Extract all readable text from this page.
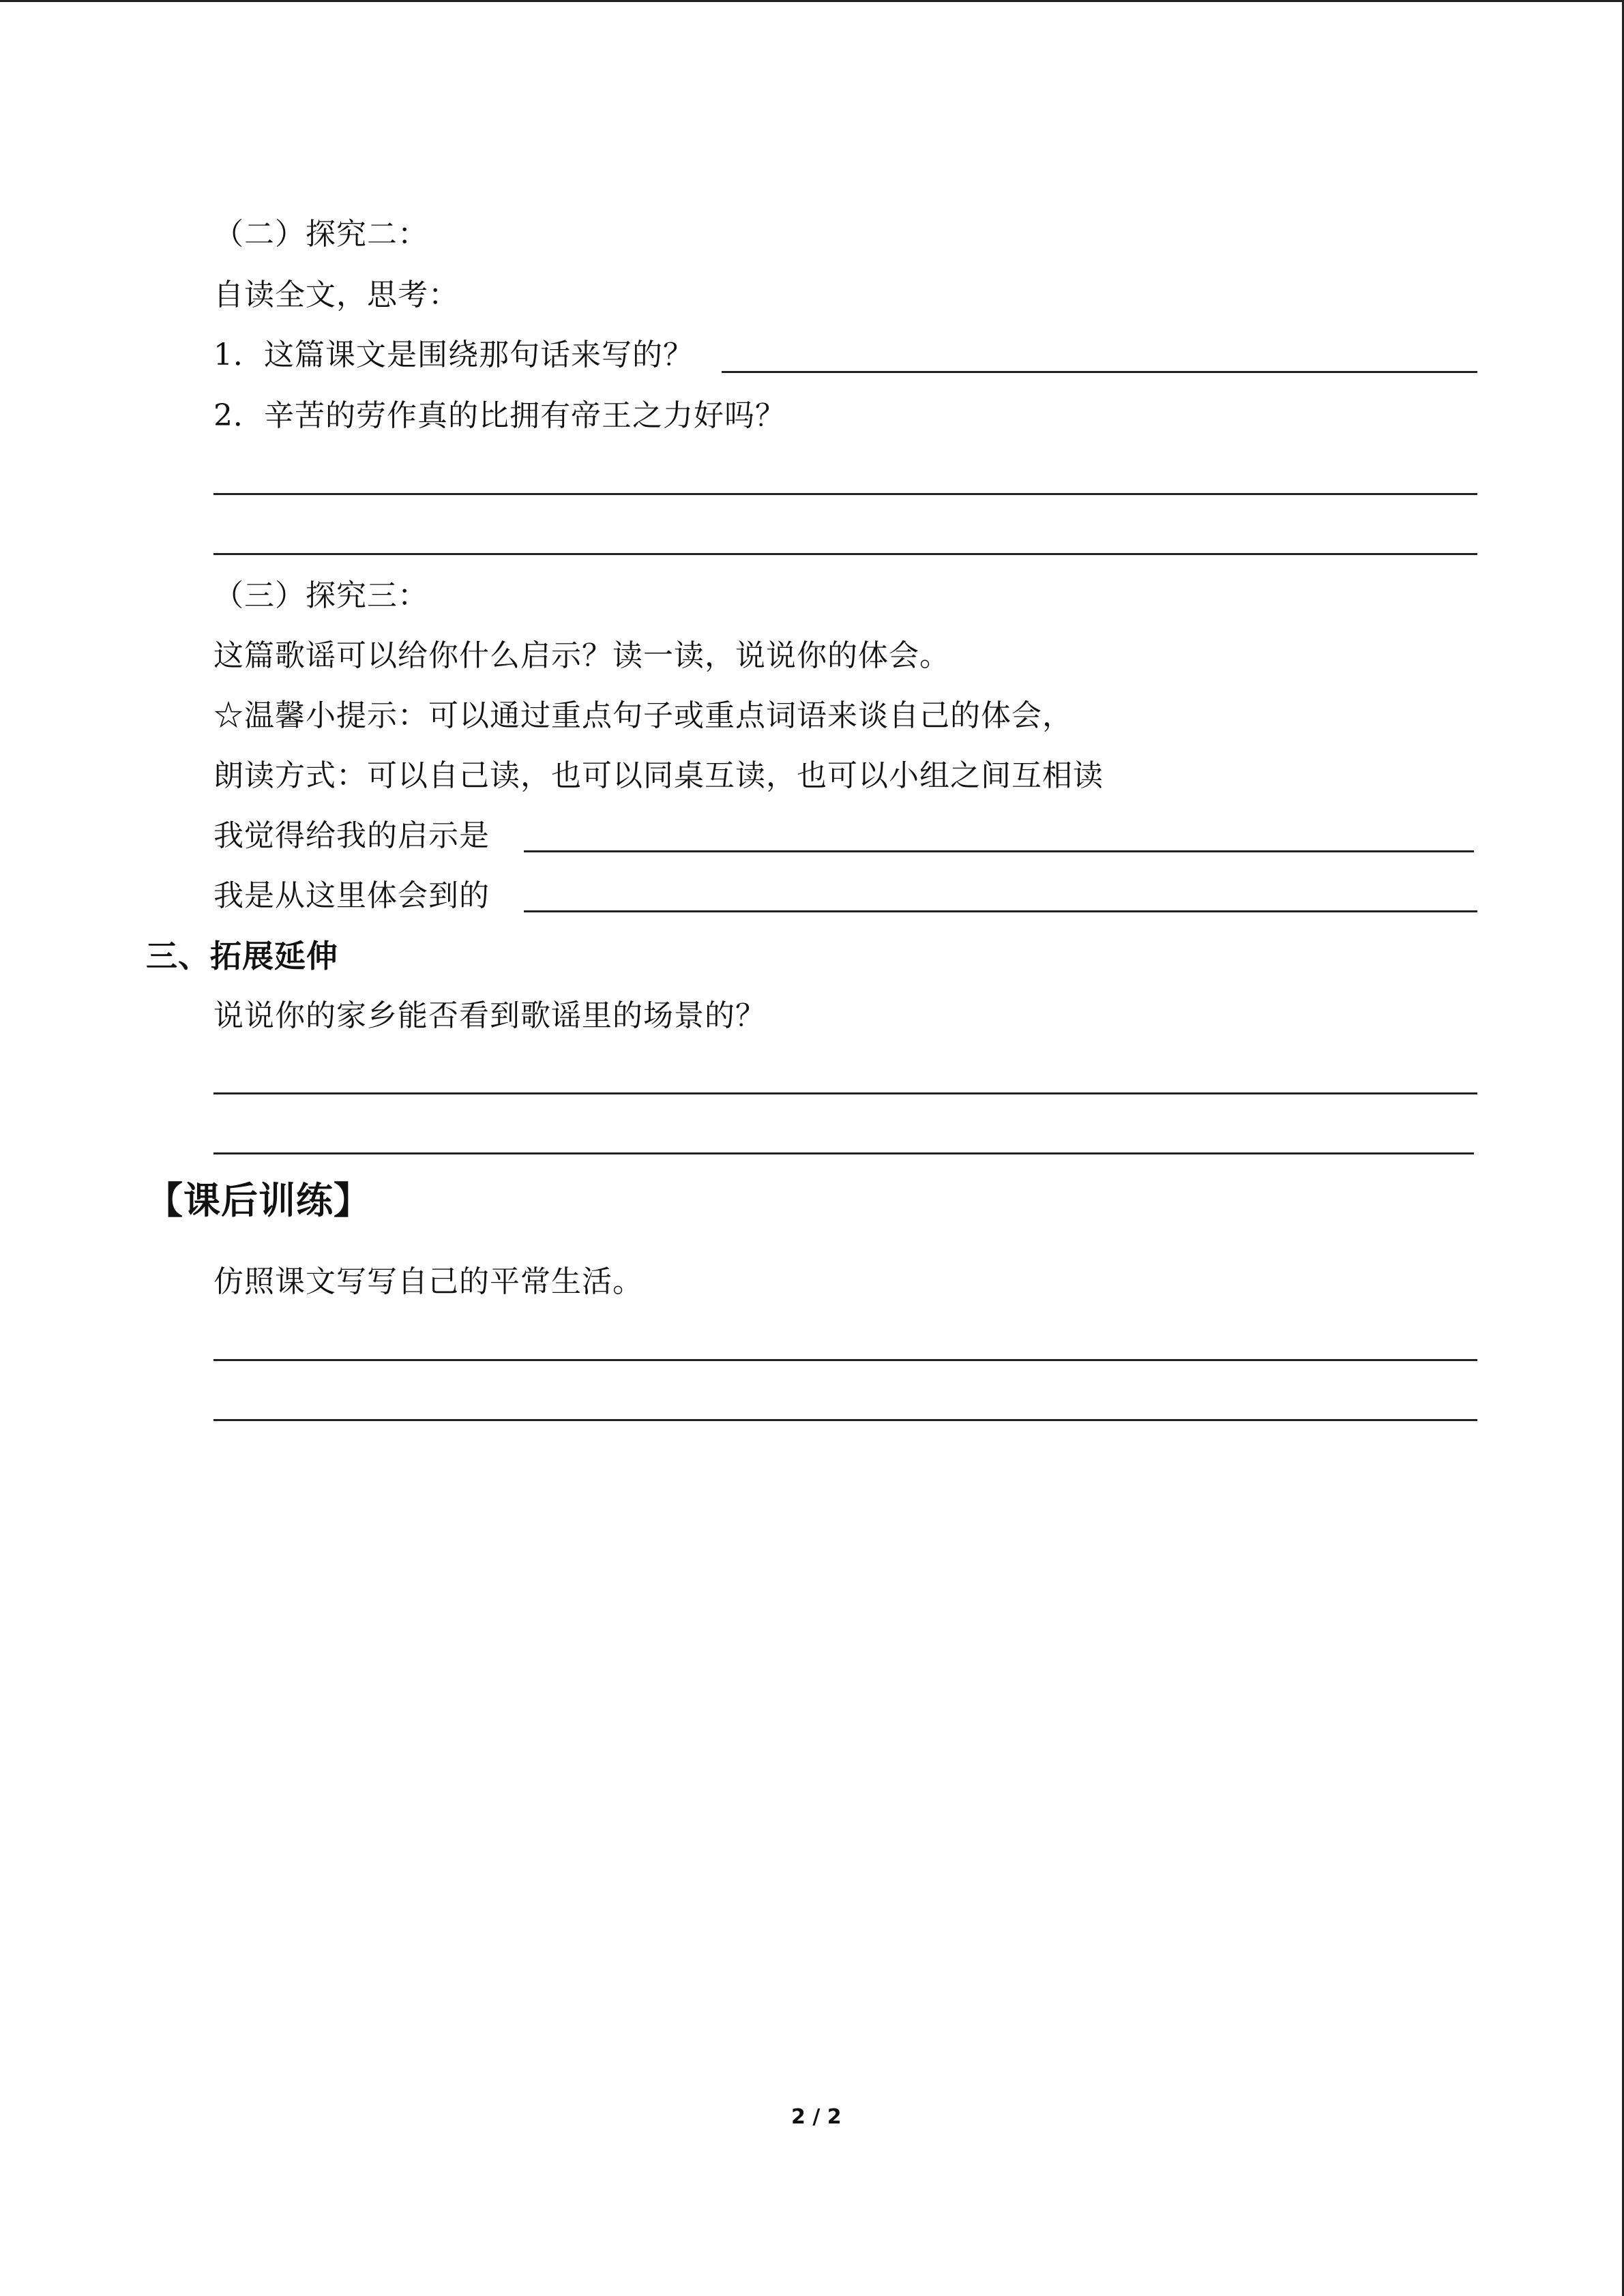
（二）探究二：
自读全文，思考：
1．这篇课文是围绕那句话来写的？
2．辛苦的劳作真的比拥有帝王之力好吗？
（三）探究三：
这篇歌谣可以给你什么启示？读一读，说说你的体会。
☆温馨小提示：可以通过重点句子或重点词语来谈自己的体会，
朗读方式：可以自己读，也可以同桌互读，也可以小组之间互相读
我觉得给我的启示是
我是从这里体会到的
三、拓展延伸
说说你的家乡能否看到歌谣里的场景的？
【课后训练】
仿照课文写写自己的平常生活。
2 / 2
